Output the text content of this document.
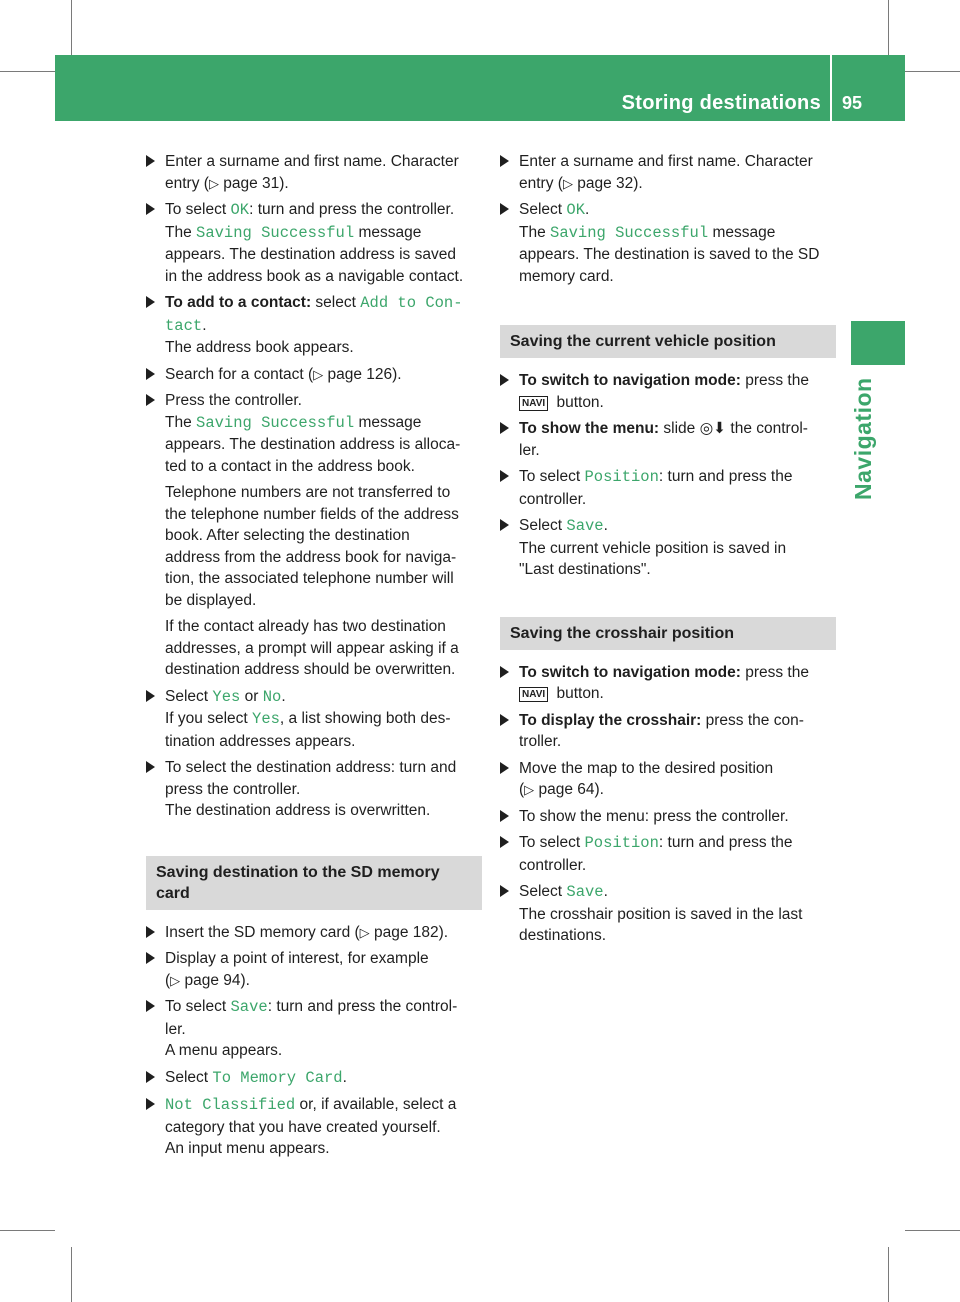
Storing destinations 95
Navigation
Enter a surname and first name. Character
entry (▷ page 31).
To select OK: turn and press the controller.
The Saving Successful message
appears. The destination address is saved
in the address book as a navigable contact.
To add to a contact: select Add to Con‐
tact.
The address book appears.
Search for a contact (▷ page 126).
Press the controller.
The Saving Successful message
appears. The destination address is alloca-
ted to a contact in the address book.
Telephone numbers are not transferred to
the telephone number fields of the address
book. After selecting the destination
address from the address book for naviga-
tion, the associated telephone number will
be displayed.
If the contact already has two destination
addresses, a prompt will appear asking if a
destination address should be overwritten.
Select Yes or No.
If you select Yes, a list showing both des-
tination addresses appears.
To select the destination address: turn and
press the controller.
The destination address is overwritten.
Saving destination to the SD memory
card
Insert the SD memory card (▷ page 182).
Display a point of interest, for example
(▷ page 94).
To select Save: turn and press the control-
ler.
A menu appears.
Select To Memory Card.
Not Classified or, if available, select a
category that you have created yourself.
An input menu appears.
Enter a surname and first name. Character
entry (▷ page 32).
Select OK.
The Saving Successful message
appears. The destination is saved to the SD
memory card.
Saving the current vehicle position
To switch to navigation mode: press the
NAVI button.
To show the menu: slide ◎⬇ the control-
ler.
To select Position: turn and press the
controller.
Select Save.
The current vehicle position is saved in
"Last destinations".
Saving the crosshair position
To switch to navigation mode: press the
NAVI button.
To display the crosshair: press the con-
troller.
Move the map to the desired position
(▷ page 64).
To show the menu: press the controller.
To select Position: turn and press the
controller.
Select Save.
The crosshair position is saved in the last
destinations.
